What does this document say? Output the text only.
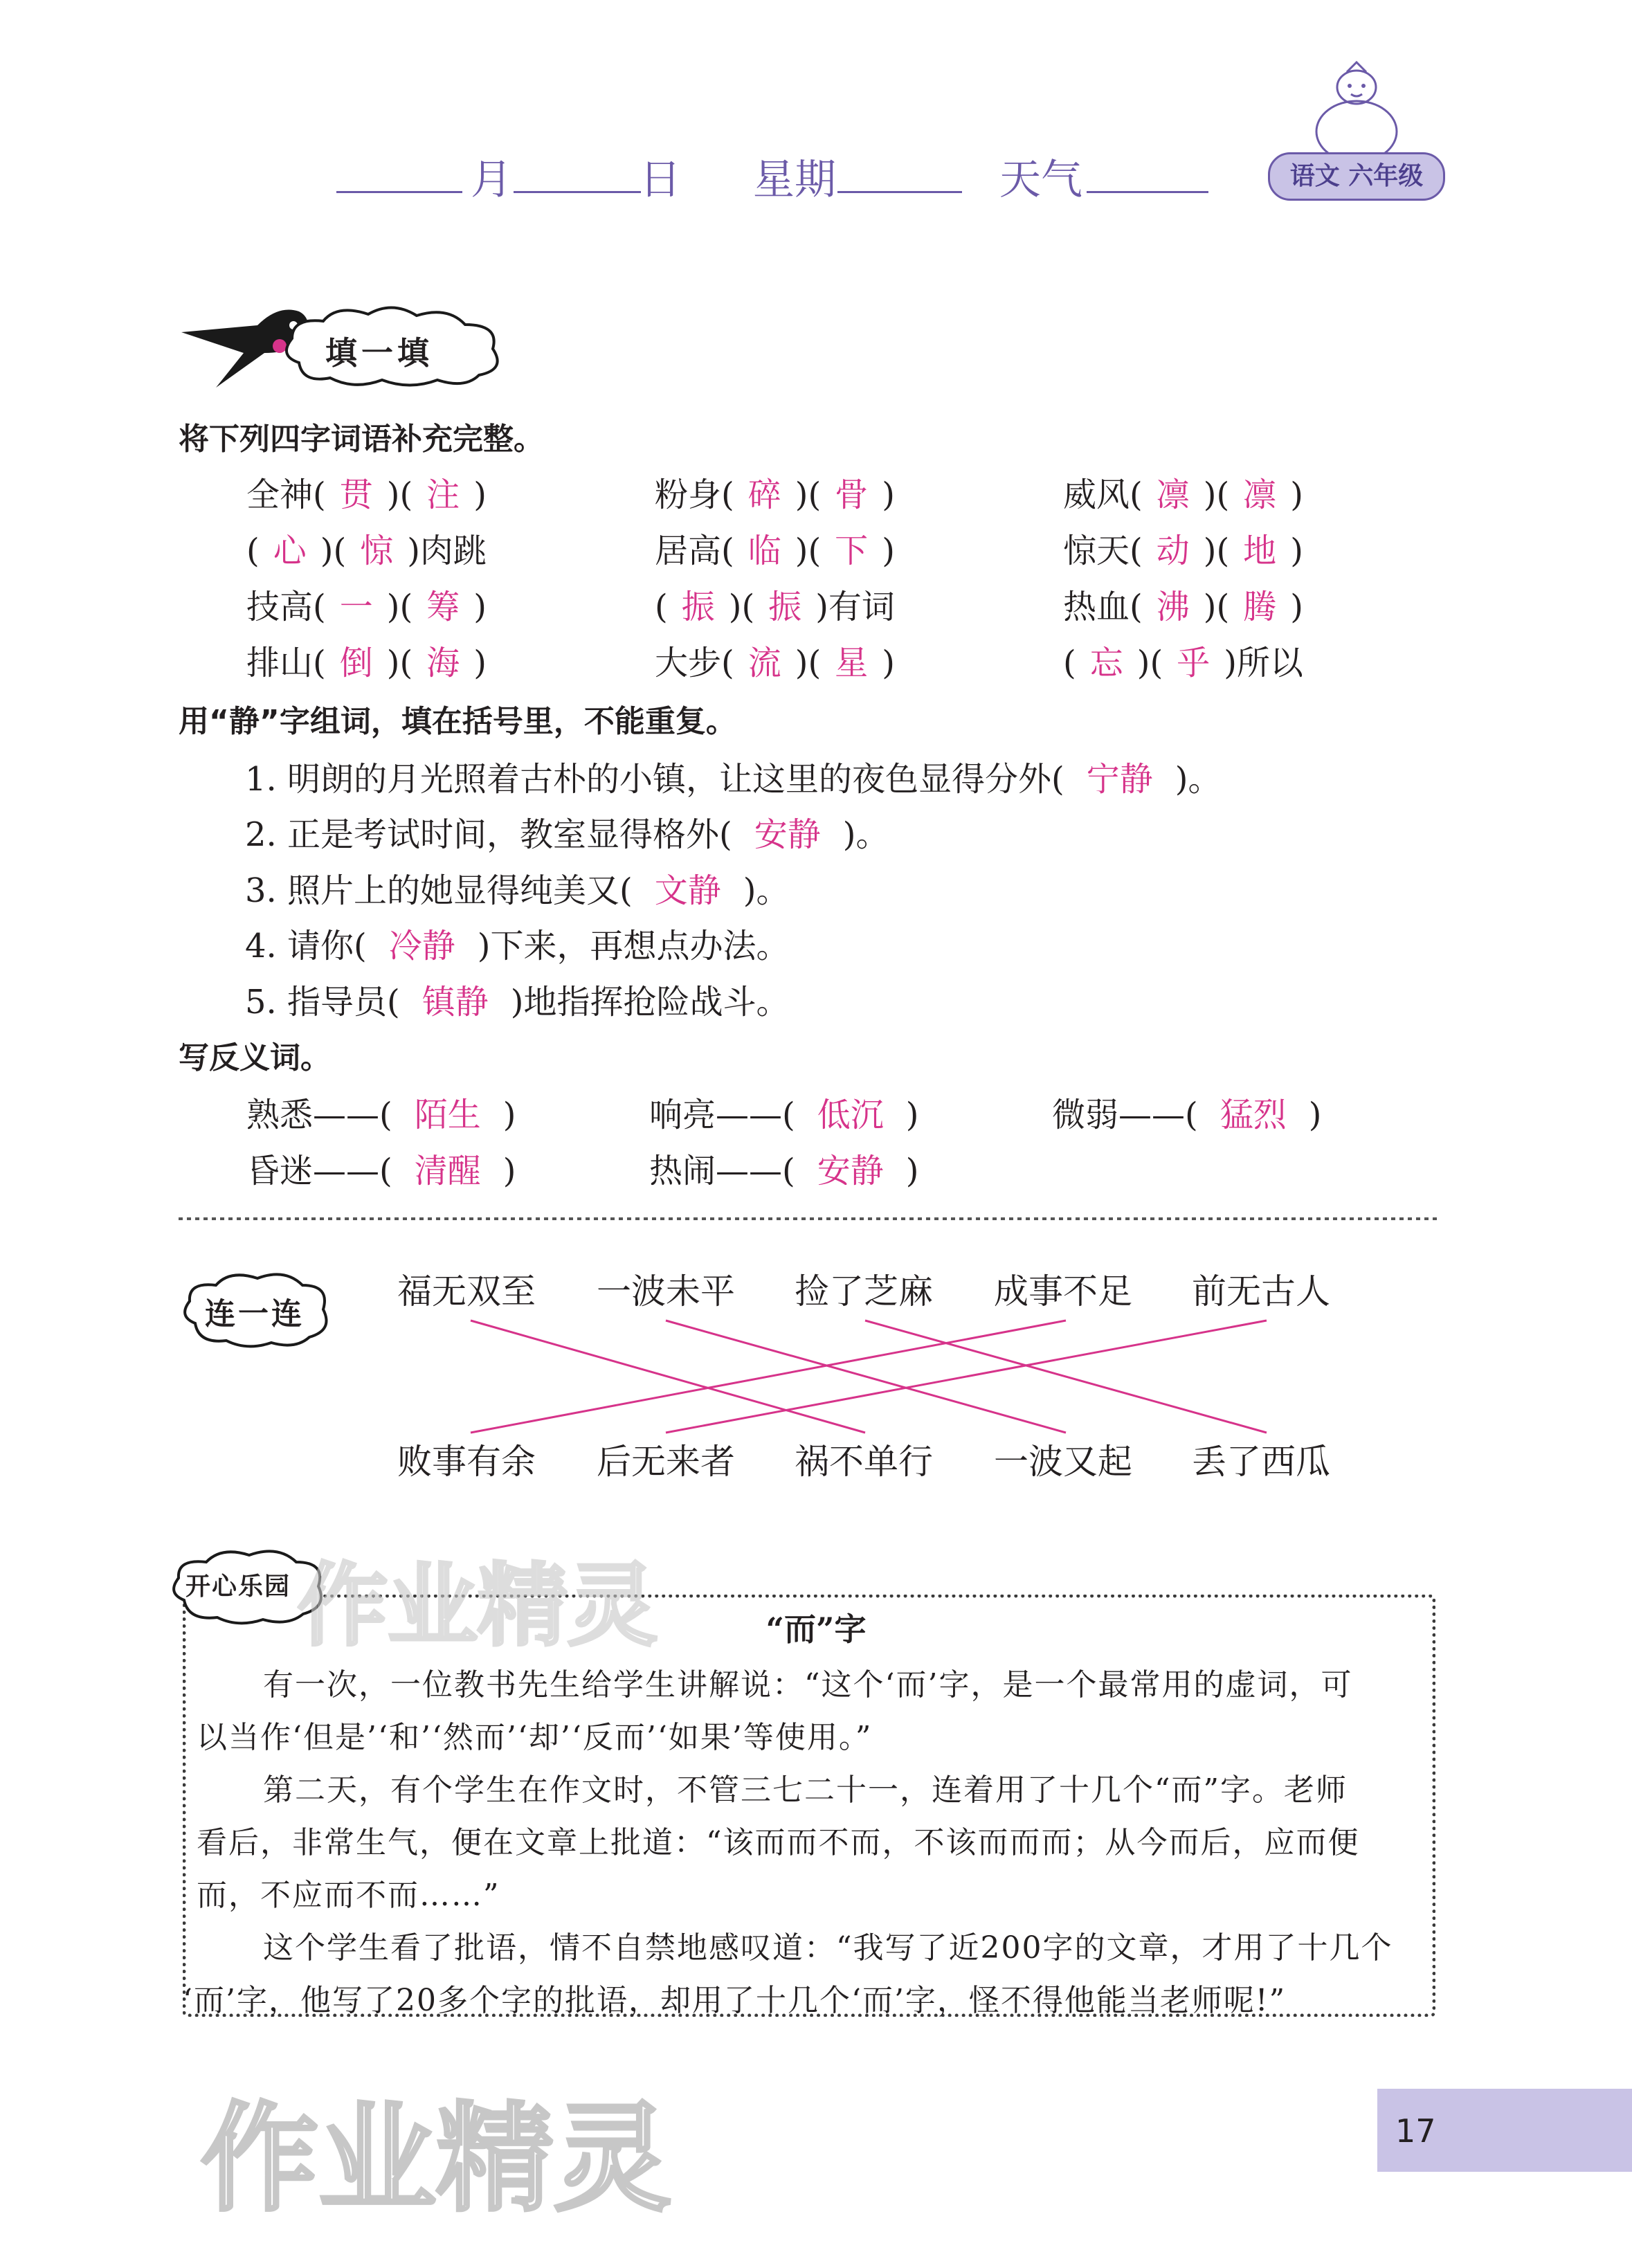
月	日 星期	天气	语文 六年级
填一填
将下列四字词语补充完整。
全神( 贯 )( 注 )	粉身( 碎 )( 骨 )	威风( 凛 )( 凛 )
( 心 )( 惊 )肉跳	居高( 临 )( 下 )	惊天( 动 )( 地 )
技高( 一 )( 筹 )	( 振 )( 振 )有词	热血( 沸 )( 腾 )
排山( 倒 )( 海 )	大步( 流 )( 星 )	( 忘 )( 乎 )所以
用“静”字组词，填在括号里，不能重复。
1. 明朗的月光照着古朴的小镇，让这里的夜色显得分外( 宁静 )。
2. 正是考试时间，教室显得格外( 安静 )。
3. 照片上的她显得纯美又( 文静 )。
4. 请你( 冷静 )下来，再想点办法。
5. 指导员( 镇静 )地指挥抢险战斗。
写反义词。
熟悉——( 陌生 )	响亮——( 低沉 )	微弱——( 猛烈 )
昏迷——( 清醒 )	热闹——( 安静 )
连一连
福无双至 一波未平 捡了芝麻 成事不足 前无古人
败事有余 后无来者 祸不单行 一波又起 丢了西瓜
开心乐园
“而”字
有一次，一位教书先生给学生讲解说：“这个‘而’字，是一个最常用的虚词，可
以当作‘但是’‘和’‘然而’‘却’‘反而’‘如果’等使用。”
第二天，有个学生在作文时，不管三七二十一，连着用了十几个“而”字。老师
看后，非常生气，便在文章上批道：“该而而不而，不该而而而；从今而后，应而便
而，不应而不而……”
这个学生看了批语，情不自禁地感叹道：“我写了近200字的文章，才用了十几个
‘而’字，他写了20多个字的批语，却用了十几个‘而’字，怪不得他能当老师呢!”
作业精灵
作业精灵	17
